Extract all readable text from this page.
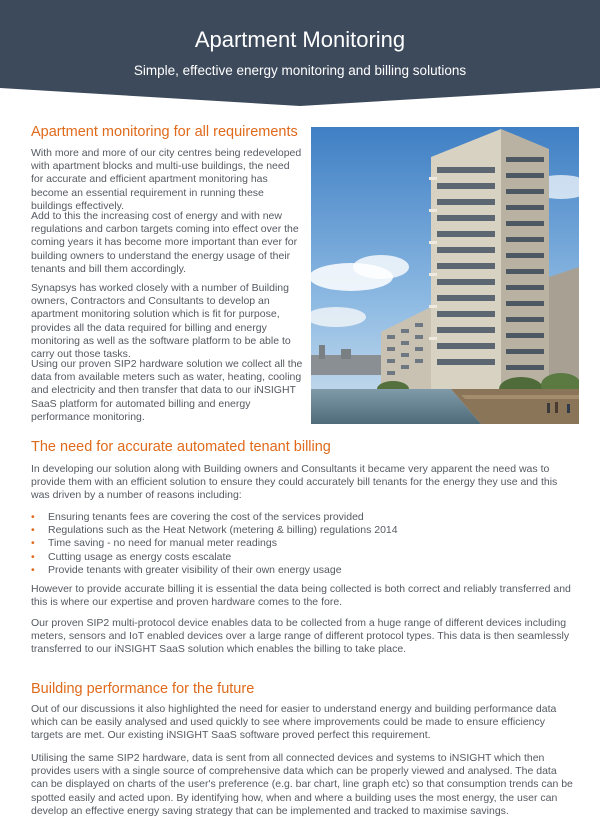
Apartment Monitoring
Simple, effective energy monitoring and billing solutions
Apartment monitoring for all requirements

With more and more of our city centres being redeveloped with apartment blocks and multi-use buildings, the need for accurate and efficient apartment monitoring has become an essential requirement in running these buildings effectively.

Add to this the increasing cost of energy and with new regulations and carbon targets coming into effect over the coming years it has become more important than ever for building owners to understand the energy usage of their tenants and bill them accordingly.

Synapsys has worked closely with a number of Building owners, Contractors and Consultants to develop an apartment monitoring solution which is fit for purpose, provides all the data required for billing and energy monitoring as well as the software platform to be able to carry out those tasks.

Using our proven SIP2 hardware solution we collect all the data from available meters such as water, heating, cooling and electricity and then transfer that data to our iNSIGHT SaaS platform for automated billing and energy performance monitoring.

The need for accurate automated tenant billing

In developing our solution along with Building owners and Consultants it became very apparent the need was to provide them with an efficient solution to ensure they could accurately bill tenants for the energy they use and this was driven by a number of reasons including:

• Ensuring tenants fees are covering the cost of the services provided
• Regulations such as the Heat Network (metering & billing) regulations 2014
• Time saving - no need for manual meter readings
• Cutting usage as energy costs escalate
• Provide tenants with greater visibility of their own energy usage

However to provide accurate billing it is essential the data being collected is both correct and reliably transferred and this is where our expertise and proven hardware comes to the fore.

Our proven SIP2 multi-protocol device enables data to be collected from a huge range of different devices including meters, sensors and IoT enabled devices over a large range of different protocol types. This data is then seamlessly transferred to our iNSIGHT SaaS solution which enables the billing to take place.

Building performance for the future

Out of our discussions it also highlighted the need for easier to understand energy and building performance data which can be easily analysed and used quickly to see where improvements could be made to ensure efficiency targets are met. Our existing iNSIGHT SaaS software proved perfect this requirement.

Utilising the same SIP2 hardware, data is sent from all connected devices and systems to iNSIGHT which then provides users with a single source of comprehensive data which can be properly viewed and analysed. The data can be displayed on charts of the user's preference (e.g. bar chart, line graph etc) so that consumption trends can be spotted easily and acted upon. By identifying how, when and where a building uses the most energy, the user can develop an effective energy saving strategy that can be implemented and tracked to maximise savings.
